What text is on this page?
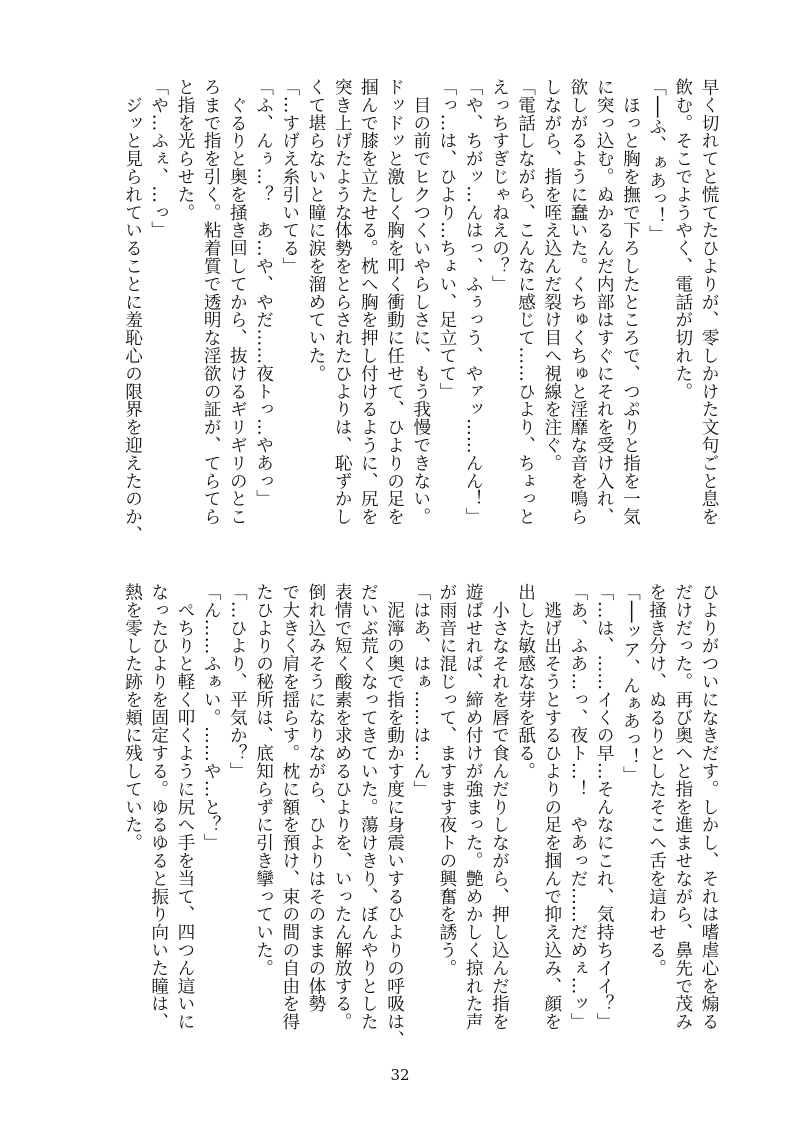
早く切れてと慌てたひよりが、零しかけた文句ごと息を
飲む。そこでようやく、電話が切れた。
「──ふ、ぁあっ！」
　ほっと胸を撫で下ろしたところで、つぷりと指を一気
に突っ込む。ぬかるんだ内部はすぐにそれを受け入れ、
欲しがるように蠢いた。くちゅくちゅと淫靡な音を鳴ら
しながら、指を咥え込んだ裂け目へ視線を注ぐ。
「電話しながら、こんなに感じて……ひより、ちょっと
えっちすぎじゃねえの？」
「や、ちがッ…んはっ、ふぅっう、やァッ……んん！」
「っ…は、ひより…ちょい、足立てて」
　目の前でヒクつくいやらしさに、もう我慢できない。
ドッドッと激しく胸を叩く衝動に任せて、ひよりの足を
掴んで膝を立たせる。枕へ胸を押し付けるように、尻を
突き上げたような体勢をとらされたひよりは、恥ずかし
くて堪らないと瞳に涙を溜めていた。
「…すげえ糸引いてる」
「ふ、んぅ…？　あ…や、やだ……夜トっ…やあっ」
　ぐるりと奥を掻き回してから、抜けるギリギリのとこ
ろまで指を引く。粘着質で透明な淫欲の証が、てらてら
と指を光らせた。
「や…ふぇ、…っ」
　ジッと見られていることに羞恥心の限界を迎えたのか、
ひよりがついになきだす。しかし、それは嗜虐心を煽る
だけだった。再び奥へと指を進ませながら、鼻先で茂み
を掻き分け、ぬるりとしたそこへ舌を這わせる。
「──ッア、んぁあっ！」
「…は、……イくの早…そんなにこれ、気持ちイイ？」
「あ、ふあ…っ、夜ト…！　やあっだ……だめぇ…ッ」
　逃げ出そうとするひよりの足を掴んで抑え込み、顔を
出した敏感な芽を舐る。
　小さなそれを唇で食んだりしながら、押し込んだ指を
遊ばせれば、締め付けが強まった。艶めかしく掠れた声
が雨音に混じって、ますます夜トの興奮を誘う。
「はあ、はぁ……は…ん」
　泥濘の奥で指を動かす度に身震いするひよりの呼吸は、
だいぶ荒くなってきていた。蕩けきり、ぼんやりとした
表情で短く酸素を求めるひよりを、いったん解放する。
倒れ込みそうになりながら、ひよりはそのままの体勢
で大きく肩を揺らす。枕に額を預け、束の間の自由を得
たひよりの秘所は、底知らずに引き攣っていた。
「…ひより、平気か？」
「ん……ふぁい。……や…と？」
　ぺちりと軽く叩くように尻へ手を当て、四つん這いに
なったひよりを固定する。ゆるゆると振り向いた瞳は、
熱を零した跡を頬に残していた。
32
